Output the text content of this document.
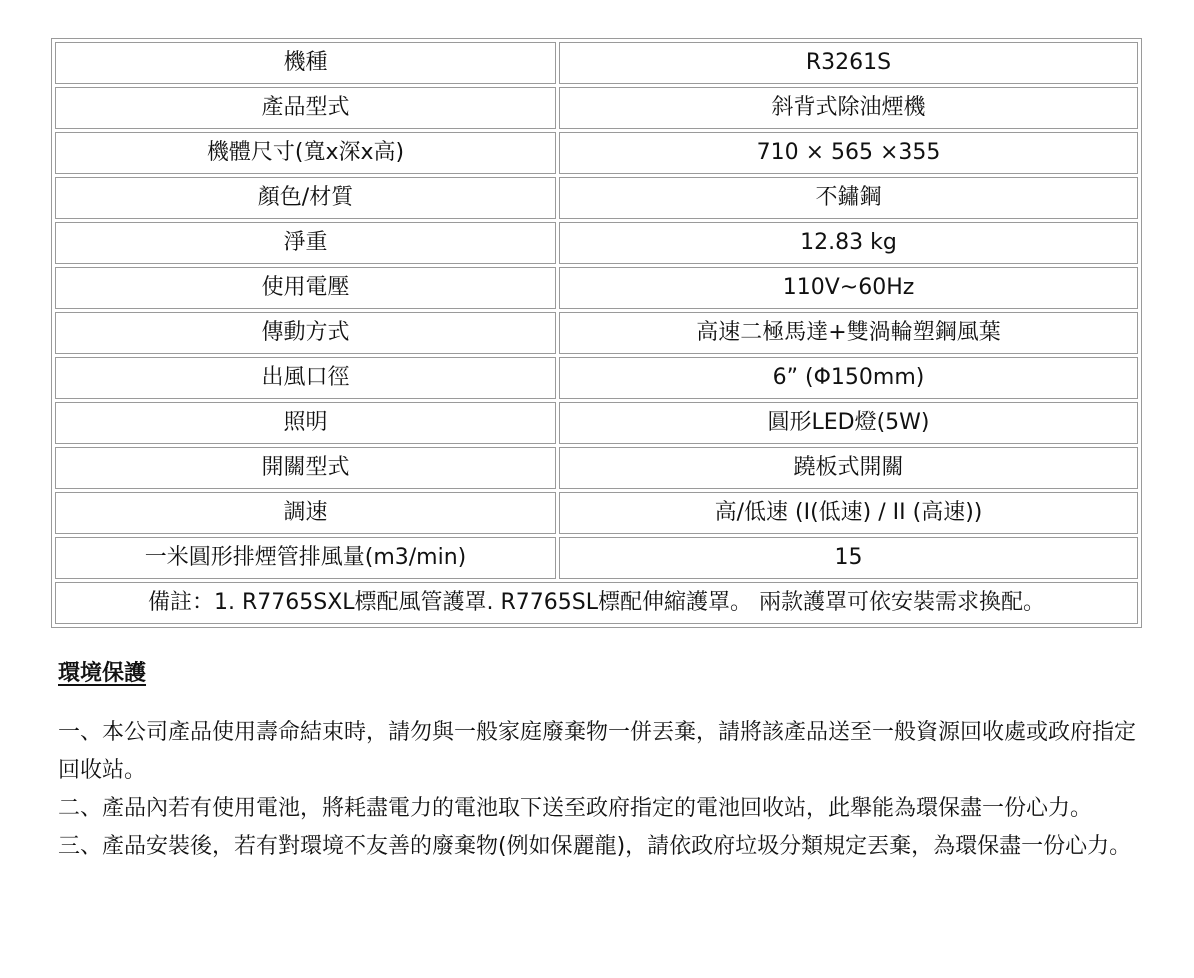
機種	R3261S
產品型式	斜背式除油煙機
機體尺寸(寬x深x高)	710 × 565 ×355
顏色/材質	不鏽鋼
淨重	12.83 kg
使用電壓	110V~60Hz
傳動方式	高速二極馬達+雙渦輪塑鋼風葉
出風口徑	6” (Φ150mm)
照明	圓形LED燈(5W)
開關型式	蹺板式開關
調速	高/低速 (I(低速) / II (高速))
一米圓形排煙管排風量(m3/min)	15
備註：1. R7765SXL標配風管護罩. R7765SL標配伸縮護罩。 兩款護罩可依安裝需求換配。	
環境保護

一、本公司產品使用壽命結束時，請勿與一般家庭廢棄物一併丟棄，請將該產品送至一般資源回收處或政府指定回收站。

二、產品內若有使用電池，將耗盡電力的電池取下送至政府指定的電池回收站，此舉能為環保盡一份心力。

三、產品安裝後，若有對環境不友善的廢棄物(例如保麗龍)，請依政府垃圾分類規定丟棄，為環保盡一份心力。
